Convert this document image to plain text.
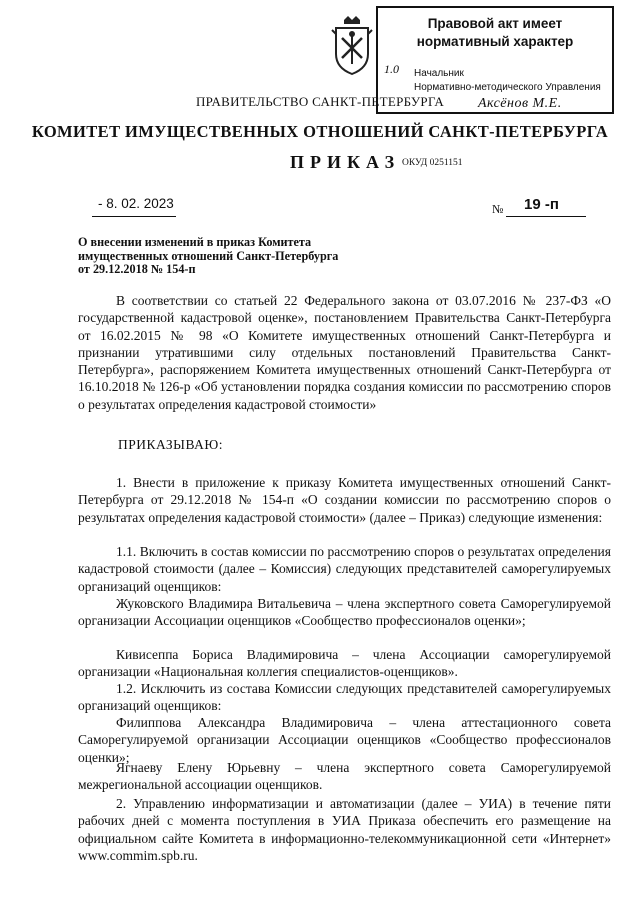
Правовой акт имеет
нормативный характер
1.0 Начальник
Нормативно-методического Управления
Аксёнов М.Е.
ПРАВИТЕЛЬСТВО САНКТ-ПЕТЕРБУРГА
КОМИТЕТ ИМУЩЕСТВЕННЫХ ОТНОШЕНИЙ САНКТ-ПЕТЕРБУРГА
ПРИКАЗ ОКУД 0251151
- 8. 02. 2023	№ 19 -п
О внесении изменений в приказ Комитета
имущественных отношений Санкт-Петербурга
от 29.12.2018 № 154-п
В соответствии со статьей 22 Федерального закона от 03.07.2016 № 237-ФЗ «О государственной кадастровой оценке», постановлением Правительства Санкт-Петербурга от 16.02.2015 № 98 «О Комитете имущественных отношений Санкт-Петербурга и признании утратившими силу отдельных постановлений Правительства Санкт-Петербурга», распоряжением Комитета имущественных отношений Санкт-Петербурга от 16.10.2018 № 126-р «Об установлении порядка создания комиссии по рассмотрению споров о результатах определения кадастровой стоимости»
ПРИКАЗЫВАЮ:
1. Внести в приложение к приказу Комитета имущественных отношений Санкт-Петербурга от 29.12.2018 № 154-п «О создании комиссии по рассмотрению споров о результатах определения кадастровой стоимости» (далее – Приказ) следующие изменения:
1.1. Включить в состав комиссии по рассмотрению споров о результатах определения кадастровой стоимости (далее – Комиссия) следующих представителей саморегулируемых организаций оценщиков:
Жуковского Владимира Витальевича – члена экспертного совета Саморегулируемой организации Ассоциации оценщиков «Сообщество профессионалов оценки»;
Кивисеппа Бориса Владимировича – члена Ассоциации саморегулируемой организации «Национальная коллегия специалистов-оценщиков».
1.2. Исключить из состава Комиссии следующих представителей саморегулируемых организаций оценщиков:
Филиппова Александра Владимировича – члена аттестационного совета Саморегулируемой организации Ассоциации оценщиков «Сообщество профессионалов оценки»;
Ягнаеву Елену Юрьевну – члена экспертного совета Саморегулируемой межрегиональной ассоциации оценщиков.
2. Управлению информатизации и автоматизации (далее – УИА) в течение пяти рабочих дней с момента поступления в УИА Приказа обеспечить его размещение на официальном сайте Комитета в информационно-телекоммуникационной сети «Интернет» www.commim.spb.ru.
